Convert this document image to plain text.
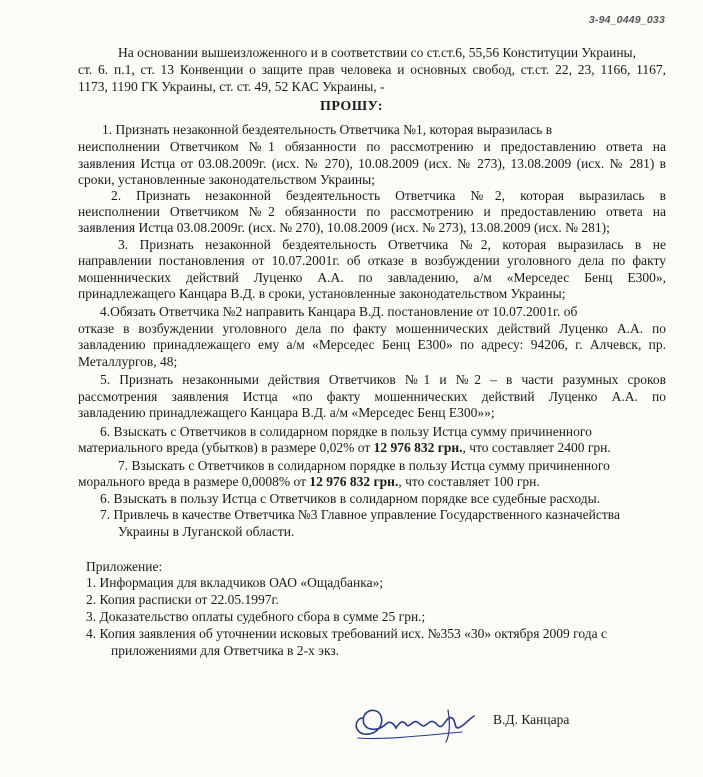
3-94_0449_033
На основании вышеизложенного и в соответствии со ст.ст.6, 55,56 Конституции Украины,
ст. 6. п.1, ст. 13 Конвенции о защите прав человека и основных свобод, ст.ст. 22, 23, 1166, 1167,
1173, 1190 ГК Украины, ст. ст. 49, 52 КАС Украины, -
ПРОШУ:
1. Признать незаконной бездеятельность Ответчика №1, которая выразилась в
неисполнении Ответчиком №1 обязанности по рассмотрению и предоставлению ответа на
заявления Истца от 03.08.2009г. (исх. № 270), 10.08.2009 (исх. № 273), 13.08.2009 (исх. № 281) в
сроки, установленные законодательством Украины;
2. Признать незаконной бездеятельность Ответчика №2, которая выразилась в
неисполнении Ответчиком №2 обязанности по рассмотрению и предоставлению ответа на
заявления Истца 03.08.2009г. (исх. № 270), 10.08.2009 (исх. № 273), 13.08.2009 (исх. № 281);
3. Признать незаконной бездеятельность Ответчика №2, которая выразилась в не
направлении постановления от 10.07.2001г. об отказе в возбуждении уголовного дела по факту
мошеннических действий Луценко А.А. по завладению, а/м «Мерседес Бенц Е300»,
принадлежащего Канцара В.Д. в сроки, установленные законодательством Украины;
4.Обязать Ответчика №2 направить Канцара В.Д. постановление от 10.07.2001г. об
отказе в возбуждении уголовного дела по факту мошеннических действий Луценко А.А. по
завладению принадлежащего ему а/м «Мерседес Бенц Е300» по адресу: 94206, г. Алчевск, пр.
Металлургов, 48;
5. Признать незаконными действия Ответчиков №1 и №2 – в части разумных сроков
рассмотрения заявления Истца «по факту мошеннических действий Луценко А.А. по
завладению принадлежащего Канцара В.Д. а/м «Мерседес Бенц Е300»»;
6. Взыскать с Ответчиков в солидарном порядке в пользу Истца сумму причиненного
материального вреда (убытков) в размере 0,02% от 12 976 832 грн., что составляет 2400 грн.
7. Взыскать с Ответчиков в солидарном порядке в пользу Истца сумму причиненного
морального вреда в размере 0,0008% от 12 976 832 грн., что составляет 100 грн.
6. Взыскать в пользу Истца с Ответчиков в солидарном порядке все судебные расходы.
7. Привлечь в качестве Ответчика №3 Главное управление Государственного казначейства
Украины в Луганской области.
Приложение:
1. Информация для вкладчиков ОАО «Ощадбанка»;
2. Копия расписки от 22.05.1997г.
3. Доказательство оплаты судебного сбора в сумме 25 грн.;
4. Копия заявления об уточнении исковых требований исх. №353 «30» октября 2009 года с
приложениями для Ответчика в 2-х экз.
В.Д. Канцара
